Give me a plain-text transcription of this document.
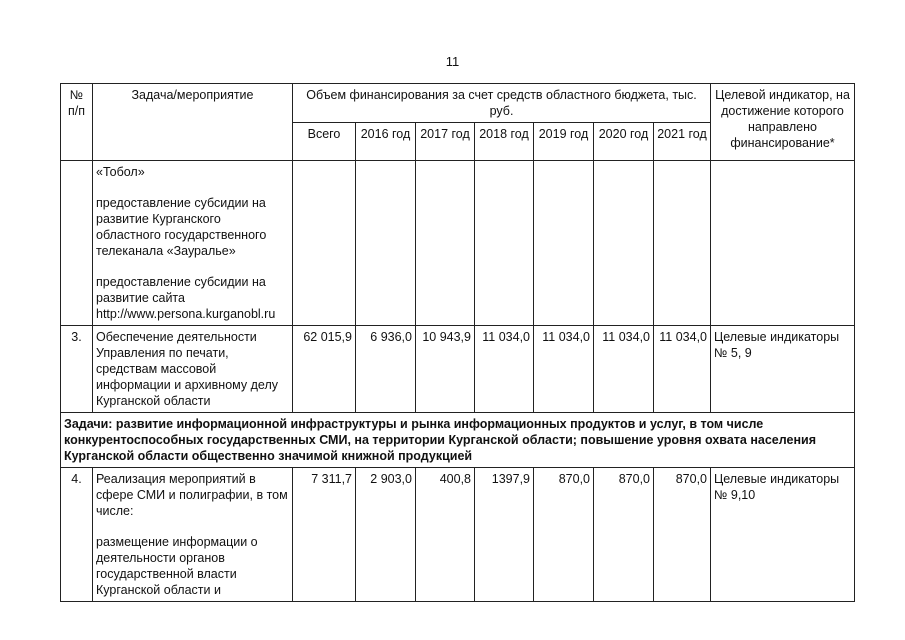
11
№ п/п	Задача/мероприятие	Объем финансирования за счет средств областного бюджета, тыс. руб.							Целевой индикатор, на достижение которого направлено финансирование*
		Всего	2016 год	2017 год	2018 год	2019 год	2020 год	2021 год	
	«Тобол»
предоставление субсидии на развитие Курганского областного государственного телеканала «Зауралье»
предоставление субсидии на развитие сайта
http://www.persona.kurganobl.ru								

3.	Обеспечение деятельности Управления по печати, средствам массовой информации и архивному делу Курганской области	62 015,9	6 936,0	10 943,9	11 034,0	11 034,0	11 034,0	11 034,0	Целевые индикаторы № 5, 9
Задачи: развитие информационной инфраструктуры и рынка информационных продуктов и услуг, в том числе конкурентоспособных государственных СМИ, на территории Курганской области; повышение уровня охвата населения Курганской области общественно значимой книжной продукцией									
4.	Реализация мероприятий в сфере СМИ и полиграфии, в том числе:
размещение информации о деятельности органов государственной власти Курганской области и	7 311,7	2 903,0	400,8	1397,9	870,0	870,0	870,0	Целевые индикаторы № 9,10
